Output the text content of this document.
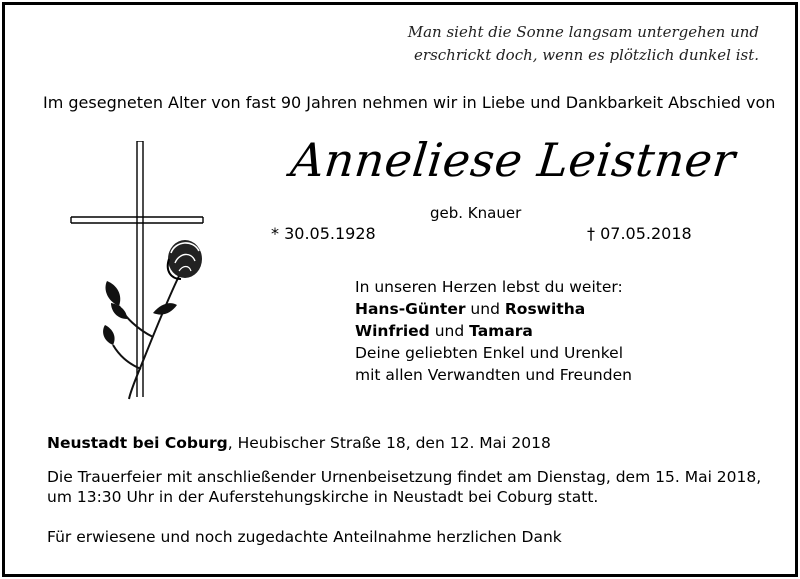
Man sieht die Sonne langsam untergehen und
erschrickt doch, wenn es plötzlich dunkel ist.
Im gesegneten Alter von fast 90 Jahren nehmen wir in Liebe und Dankbarkeit Abschied von
Anneliese Leistner
geb. Knauer
* 30.05.1928	† 07.05.2018
In unseren Herzen lebst du weiter:
Hans-Günter und Roswitha
Winfried und Tamara
Deine geliebten Enkel und Urenkel
mit allen Verwandten und Freunden
Neustadt bei Coburg, Heubischer Straße 18, den 12. Mai 2018
Die Trauerfeier mit anschließender Urnenbeisetzung findet am Dienstag, dem 15. Mai 2018,
um 13:30 Uhr in der Auferstehungskirche in Neustadt bei Coburg statt.
Für erwiesene und noch zugedachte Anteilnahme herzlichen Dank
